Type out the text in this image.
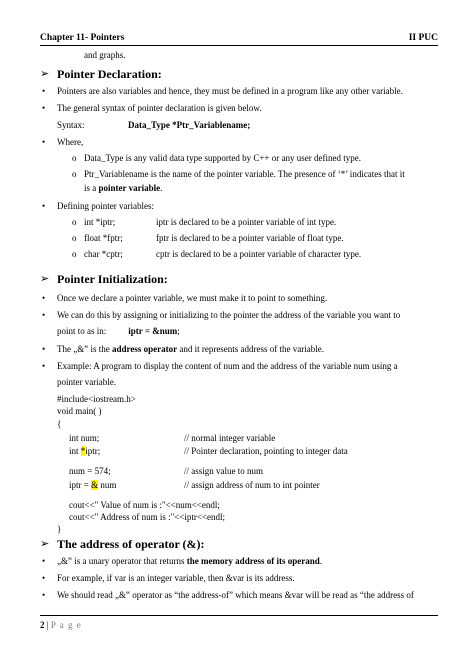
Chapter 11- Pointers	II PUC
and graphs.
➢ Pointer Declaration:
• Pointers are also variables and hence, they must be defined in a program like any other variable.
• The general syntax of pointer declaration is given below.
Syntax:	Data_Type *Ptr_Variablename;
• Where,
o Data_Type is any valid data type supported by C++ or any user defined type.
o Ptr_Variablename is the name of the pointer variable. The presence of ‘*’ indicates that it
is a pointer variable.
• Defining pointer variables:
o int *iptr;	iptr is declared to be a pointer variable of int type.
o float *fptr;	fptr is declared to be a pointer variable of float type.
o char *cptr;	cptr is declared to be a pointer variable of character type.
➢ Pointer Initialization:
• Once we declare a pointer variable, we must make it to point to something.
• We can do this by assigning or initializing to the pointer the address of the variable you want to
point to as in: iptr = &num;
• The „&‟ is the address operator and it represents address of the variable.
• Example: A program to display the content of num and the address of the variable num using a
pointer variable.
#include<iostream.h>
void main( )
{
int num;	// normal integer variable
int *iptr;	// Pointer declaration, pointing to integer data
num = 574;	// assign value to num
iptr = & num	// assign address of num to int pointer
cout<<" Value of num is :"<<num<<endl;
cout<<" Address of num is :"<<iptr<<endl;
}
➢ The address of operator (&):
• „&‟ is a unary operator that returns the memory address of its operand.
• For example, if var is an integer variable, then &var is its address.
• We should read „&‟ operator as “the address-of” which means &var will be read as “the address of
2 | P a g e
